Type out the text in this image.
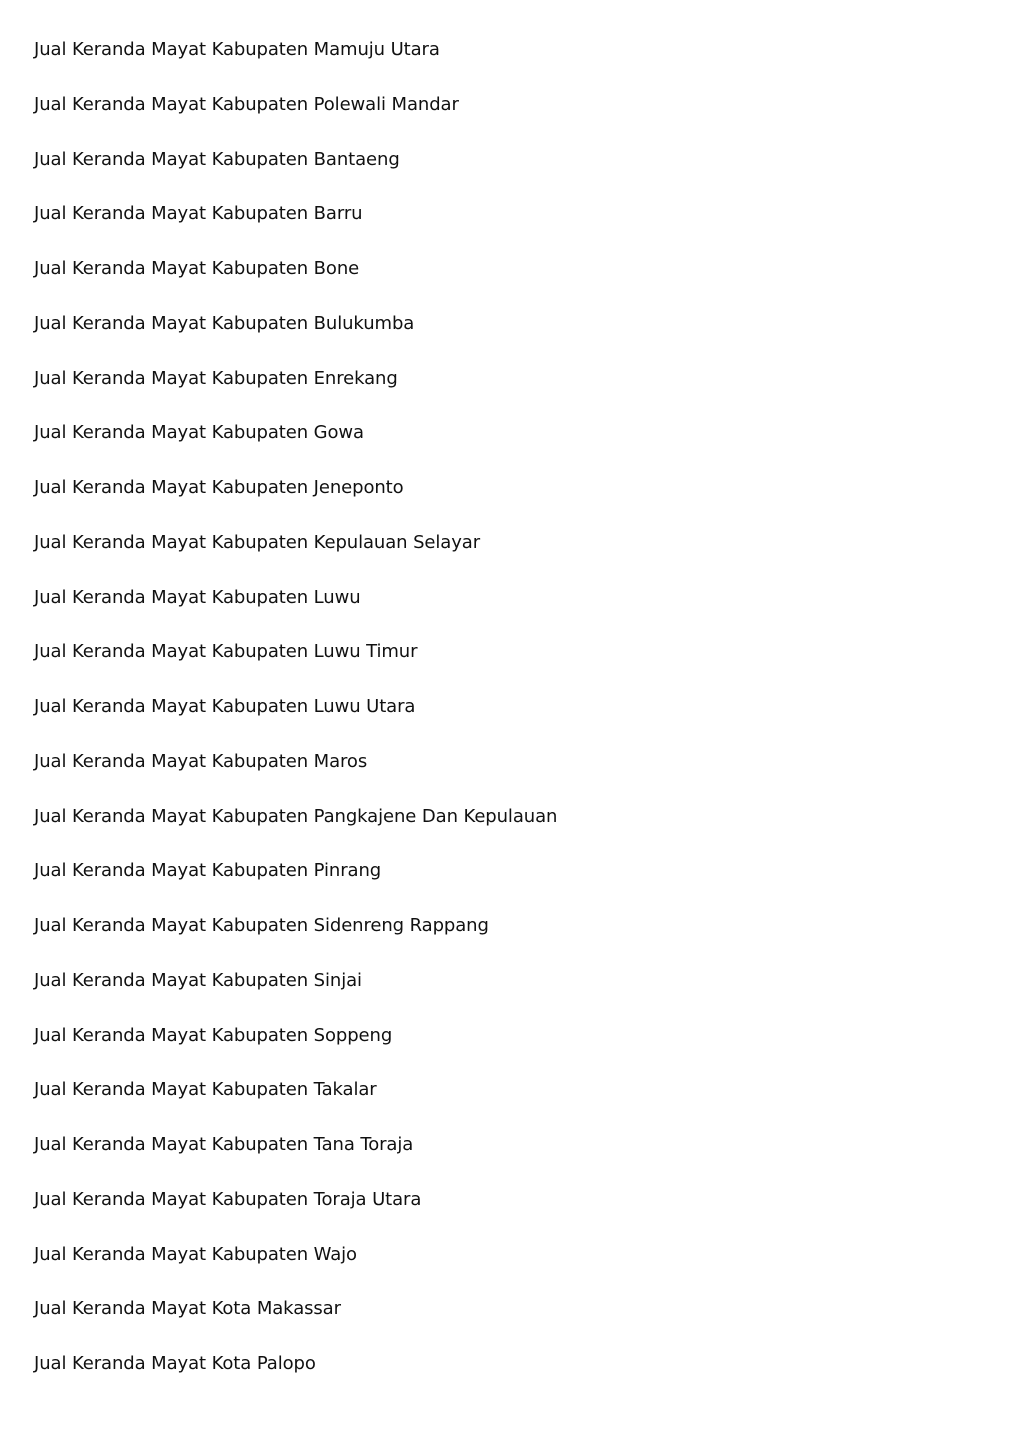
Jual Keranda Mayat Kabupaten Mamuju Utara
Jual Keranda Mayat Kabupaten Polewali Mandar
Jual Keranda Mayat Kabupaten Bantaeng
Jual Keranda Mayat Kabupaten Barru
Jual Keranda Mayat Kabupaten Bone
Jual Keranda Mayat Kabupaten Bulukumba
Jual Keranda Mayat Kabupaten Enrekang
Jual Keranda Mayat Kabupaten Gowa
Jual Keranda Mayat Kabupaten Jeneponto
Jual Keranda Mayat Kabupaten Kepulauan Selayar
Jual Keranda Mayat Kabupaten Luwu
Jual Keranda Mayat Kabupaten Luwu Timur
Jual Keranda Mayat Kabupaten Luwu Utara
Jual Keranda Mayat Kabupaten Maros
Jual Keranda Mayat Kabupaten Pangkajene Dan Kepulauan
Jual Keranda Mayat Kabupaten Pinrang
Jual Keranda Mayat Kabupaten Sidenreng Rappang
Jual Keranda Mayat Kabupaten Sinjai
Jual Keranda Mayat Kabupaten Soppeng
Jual Keranda Mayat Kabupaten Takalar
Jual Keranda Mayat Kabupaten Tana Toraja
Jual Keranda Mayat Kabupaten Toraja Utara
Jual Keranda Mayat Kabupaten Wajo
Jual Keranda Mayat Kota Makassar
Jual Keranda Mayat Kota Palopo
